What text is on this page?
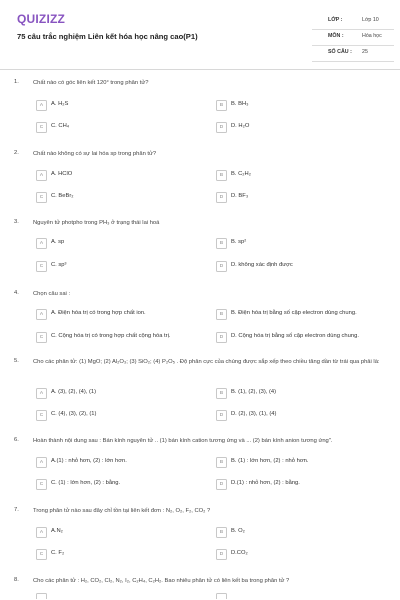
QUIZIZZ
75 câu trắc nghiệm Liên kết hóa học nâng cao(P1)
LỚP :	Lớp 10
MÔN :	Hóa học
SỐ CÂU : 25
1. Chất nào có góc liên kết 120° trong phân tử?
A	A. H₂S	B	B. BH₃
C	C. CH₄	D	D. H₂O
2. Chất nào không có sự lai hóa sp trong phân tử?
A	A. HClO	B	B. C₂H₂
C	C. BeBr₂	D	D. BF₃
3. Nguyên tử photpho trong PH₃ ở trạng thái lai hoá
A	A. sp	B	B. sp²
C	C. sp³	D	D. không xác định được
4. Chọn câu sai :
A	A. Điện hóa trị có trong hợp chất ion.	B	B. Điện hóa trị bằng số cặp electron dùng chung.
C	C. Cộng hóa trị có trong hợp chất cộng hóa trị.	D	D. Cộng hóa trị bằng số cặp electron dùng chung.
5. Cho các phân tử: (1) MgO; (2) Al₂O₃; (3) SiO₂; (4) P₂O₅ . Độ phân cực của chúng được sắp xếp theo chiều tăng dần từ trái qua phải là:
A	A. (3), (2), (4), (1)	B	B. (1), (2), (3), (4)
C	C. (4), (3), (2), (1)	D	D. (2), (3), (1), (4)
6. Hoàn thành nội dung sau : Bán kính nguyên tử .. (1) bán kính cation tương ứng và ... (2) bán kính anion tương ứng".
A	A.(1) : nhỏ hơn, (2) : lớn hơn.	B	B. (1) : lớn hơn, (2) : nhỏ hơn.
C	C. (1) : lớn hơn, (2) : bằng.	D	D.(1) : nhỏ hơn, (2) : bằng.
7. Trong phân tử nào sau đây chỉ tồn tại liên kết đơn : N₂, O₂, F₂, CO₂ ?
A	A.N₂	B	B. O₂
C	C. F₂	D	D.CO₂
8. Cho các phân tử : H₂, CO₂, Cl₂, N₂, I₂, C₂H₄, C₂H₂. Bao nhiêu phân tử có liên kết ba trong phân tử ?
